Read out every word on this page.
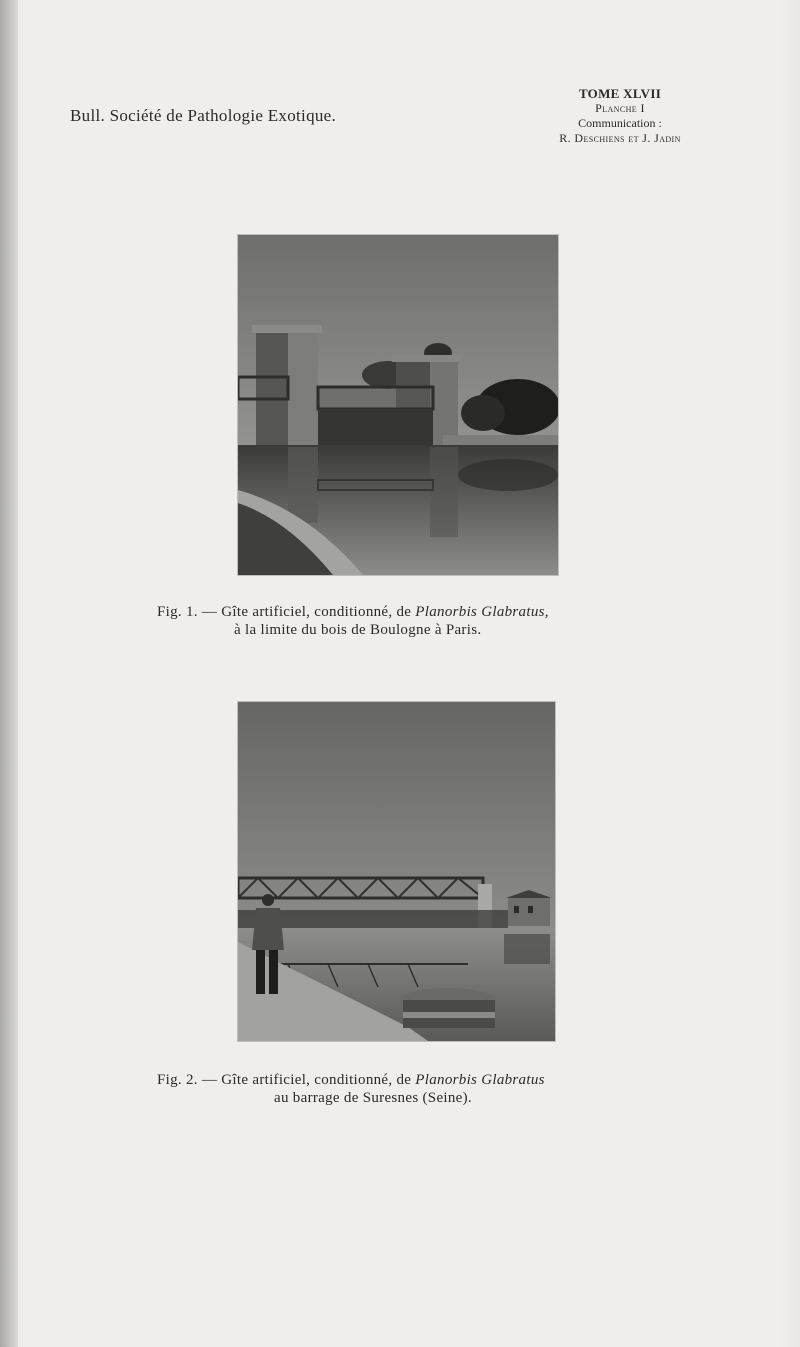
Bull. Société de Pathologie Exotique.
TOME XLVII
Planche I
Communication :
R. Deschiens et J. Jadin
Fig. 1. — Gîte artificiel, conditionné, de Planorbis Glabratus,
à la limite du bois de Boulogne à Paris.
Fig. 2. — Gîte artificiel, conditionné, de Planorbis Glabratus
au barrage de Suresnes (Seine).
